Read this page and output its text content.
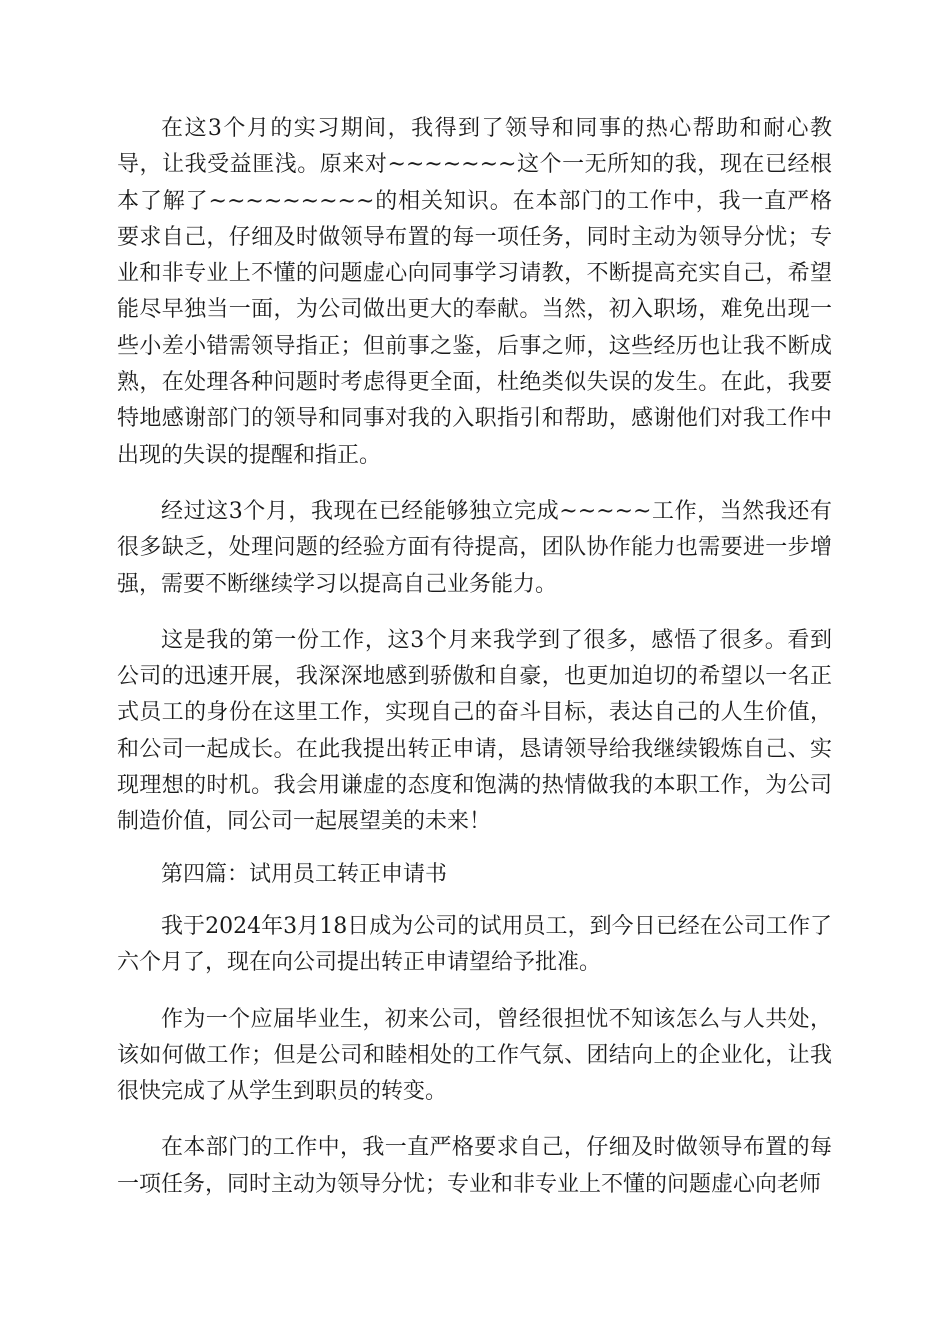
在这3个月的实习期间，我得到了领导和同事的热心帮助和耐心教导，让我受益匪浅。原来对~~~~~~~这个一无所知的我，现在已经根本了解了~~~~~~~~~的相关知识。在本部门的工作中，我一直严格要求自己，仔细及时做领导布置的每一项任务，同时主动为领导分忧；专业和非专业上不懂的问题虚心向同事学习请教，不断提高充实自己，希望能尽早独当一面，为公司做出更大的奉献。当然，初入职场，难免出现一些小差小错需领导指正；但前事之鉴，后事之师，这些经历也让我不断成熟，在处理各种问题时考虑得更全面，杜绝类似失误的发生。在此，我要特地感谢部门的领导和同事对我的入职指引和帮助，感谢他们对我工作中出现的失误的提醒和指正。

经过这3个月，我现在已经能够独立完成~~~~~工作，当然我还有很多缺乏，处理问题的经验方面有待提高，团队协作能力也需要进一步增强，需要不断继续学习以提高自己业务能力。

这是我的第一份工作，这3个月来我学到了很多，感悟了很多。看到公司的迅速开展，我深深地感到骄傲和自豪，也更加迫切的希望以一名正式员工的身份在这里工作，实现自己的奋斗目标，表达自己的人生价值，和公司一起成长。在此我提出转正申请，恳请领导给我继续锻炼自己、实现理想的时机。我会用谦虚的态度和饱满的热情做我的本职工作，为公司制造价值，同公司一起展望美的未来！

第四篇：试用员工转正申请书

我于2024年3月18日成为公司的试用员工，到今日已经在公司工作了六个月了，现在向公司提出转正申请望给予批准。

作为一个应届毕业生，初来公司，曾经很担忧不知该怎么与人共处，该如何做工作；但是公司和睦相处的工作气氛、团结向上的企业化，让我很快完成了从学生到职员的转变。

在本部门的工作中，我一直严格要求自己，仔细及时做领导布置的每一项任务，同时主动为领导分忧；专业和非专业上不懂的问题虚心向老师
